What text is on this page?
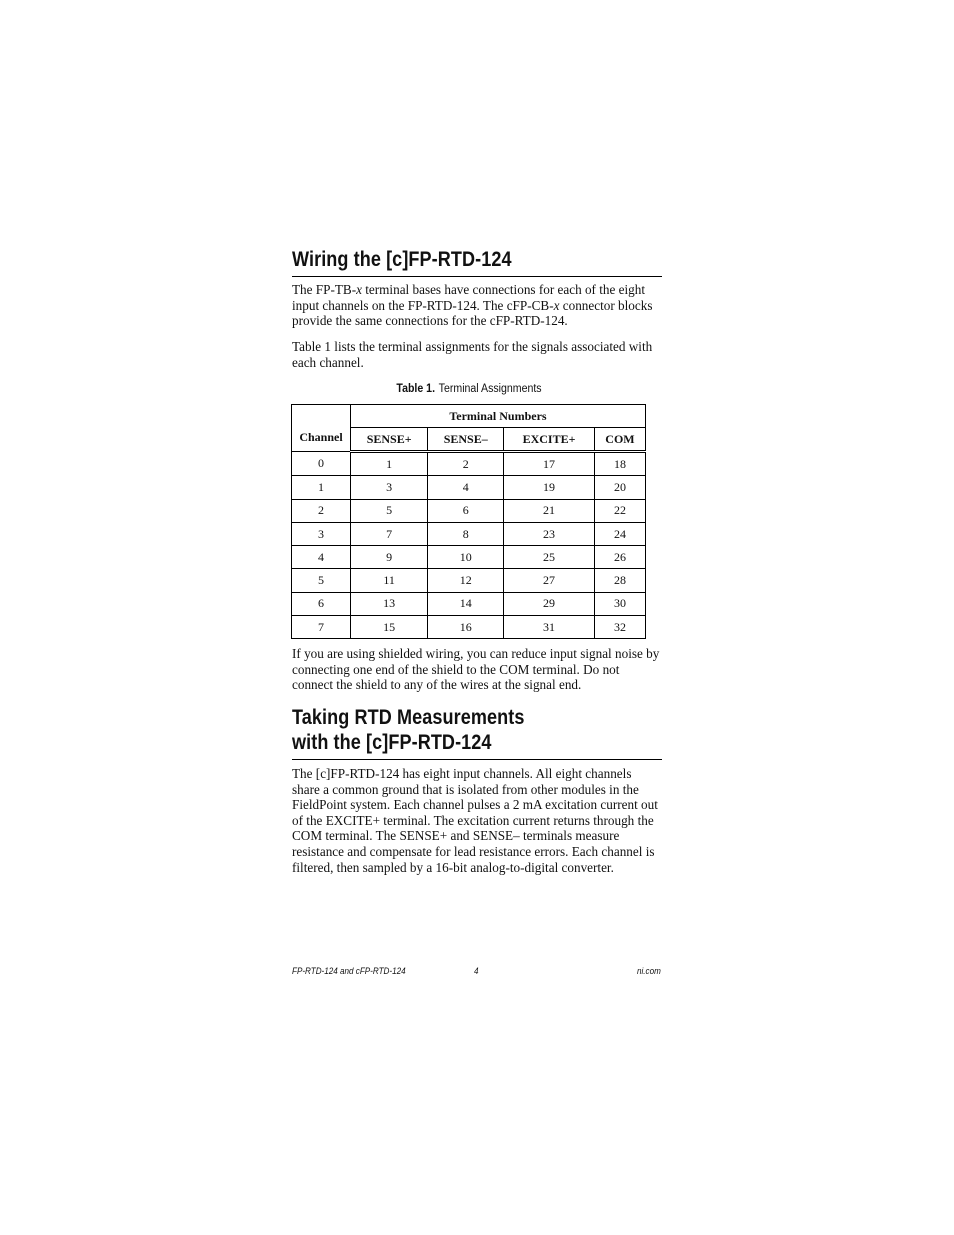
Wiring the [c]FP-RTD-124

The FP-TB-x terminal bases have connections for each of the eight input channels on the FP-RTD-124. The cFP-CB-x connector blocks provide the same connections for the cFP-RTD-124.

Table 1 lists the terminal assignments for the signals associated with each channel.

Table 1. Terminal Assignments
Channel	Terminal Numbers			
	SENSE+	SENSE–	EXCITE+	COM
0	1	2	17	18
1	3	4	19	20
2	5	6	21	22
3	7	8	23	24
4	9	10	25	26
5	11	12	27	28
6	13	14	29	30
7	15	16	31	32

If you are using shielded wiring, you can reduce input signal noise by connecting one end of the shield to the COM terminal. Do not connect the shield to any of the wires at the signal end.

Taking RTD Measurements
with the [c]FP-RTD-124

The [c]FP-RTD-124 has eight input channels. All eight channels share a common ground that is isolated from other modules in the FieldPoint system. Each channel pulses a 2 mA excitation current out of the EXCITE+ terminal. The excitation current returns through the COM terminal. The SENSE+ and SENSE– terminals measure resistance and compensate for lead resistance errors. Each channel is filtered, then sampled by a 16-bit analog-to-digital converter.

FP-RTD-124 and cFP-RTD-124	4	ni.com
